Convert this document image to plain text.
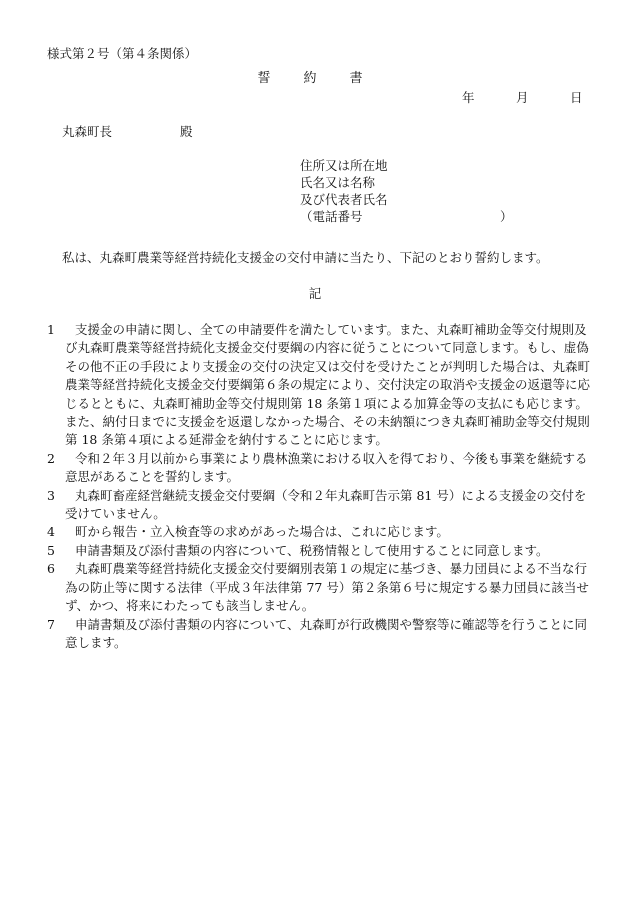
様式第２号（第４条関係）
誓　約　書
年	月	日
丸森町長	殿
住所又は所在地
氏名又は名称
及び代表者氏名
（電話番号	）
私は、丸森町農業等経営持続化支援金の交付申請に当たり、下記のとおり誓約します。
記
1	支援金の申請に関し、全ての申請要件を満たしています。また、丸森町補助金等交付規則及び丸森町農業等経営持続化支援金交付要綱の内容に従うことについて同意します。もし、虚偽その他不正の手段により支援金の交付の決定又は交付を受けたことが判明した場合は、丸森町農業等経営持続化支援金交付要綱第６条の規定により、交付決定の取消や支援金の返還等に応じるとともに、丸森町補助金等交付規則第 18 条第１項による加算金等の支払にも応じます。また、納付日までに支援金を返還しなかった場合、その未納額につき丸森町補助金等交付規則第 18 条第４項による延滞金を納付することに応じます。
2	令和２年３月以前から事業により農林漁業における収入を得ており、今後も事業を継続する意思があることを誓約します。
3	丸森町畜産経営継続支援金交付要綱（令和２年丸森町告示第 81 号）による支援金の交付を受けていません。
4	町から報告・立入検査等の求めがあった場合は、これに応じます。
5	申請書類及び添付書類の内容について、税務情報として使用することに同意します。
6	丸森町農業等経営持続化支援金交付要綱別表第１の規定に基づき、暴力団員による不当な行為の防止等に関する法律（平成３年法律第 77 号）第２条第６号に規定する暴力団員に該当せず、かつ、将来にわたっても該当しません。
7	申請書類及び添付書類の内容について、丸森町が行政機関や警察等に確認等を行うことに同意します。
